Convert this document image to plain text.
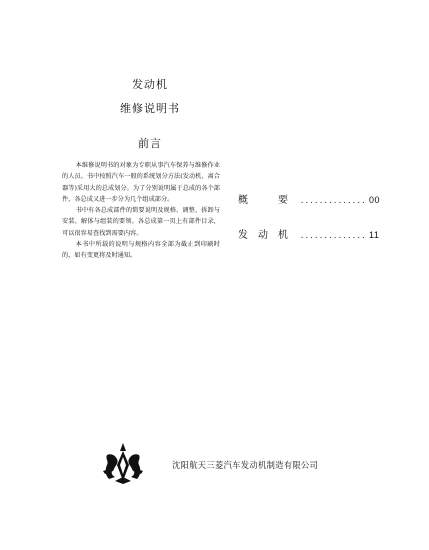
发动机
维修说明书
前言

本维修说明书的对象为专职从事汽车保养与维修作业的人员。书中按照汽车一般的系统划分方法(发动机、离合器等)采用大的总成划分。为了分别说明属于总成的各个部件，各总成又进一步分为几个组成部分。

书中有各总成部件的简要说明及规格、调整、拆卸与安装、解体与组装的要领。各总成第一页上有部件目录，可以很容易查找到需要内容。

本书中所载的说明与规格内容全部为截止到印刷时的，如有变更将及时通知。

概　要 .............. 00
发动机 .............. 11
沈阳航天三菱汽车发动机制造有限公司
